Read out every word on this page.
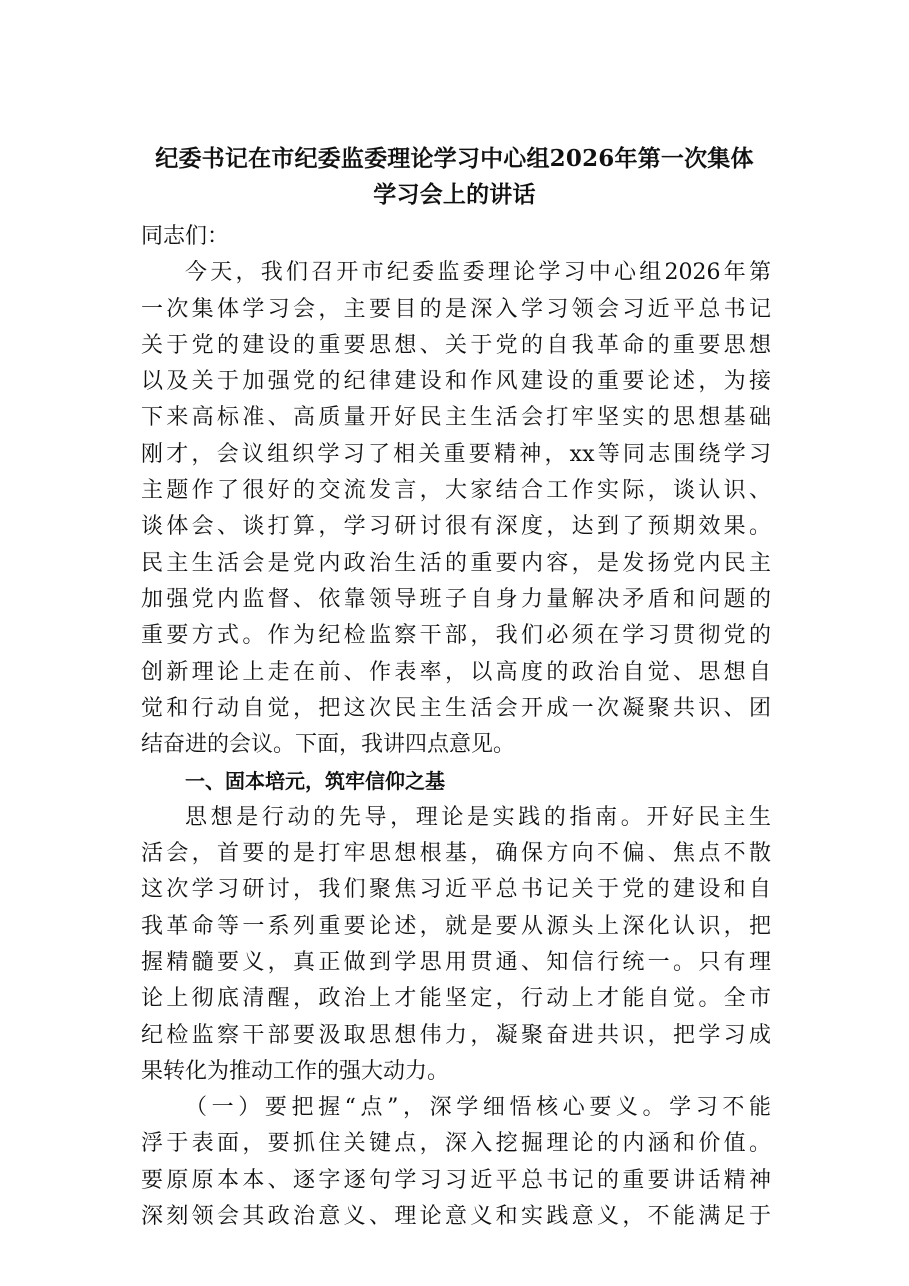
纪委书记在市纪委监委理论学习中心组2026年第一次集体
学习会上的讲话
同志们：
今天，我们召开市纪委监委理论学习中心组2026年第
一次集体学习会，主要目的是深入学习领会习近平总书记
关于党的建设的重要思想、关于党的自我革命的重要思想
以及关于加强党的纪律建设和作风建设的重要论述，为接
下来高标准、高质量开好民主生活会打牢坚实的思想基础
刚才，会议组织学习了相关重要精神，xx等同志围绕学习
主题作了很好的交流发言，大家结合工作实际，谈认识、
谈体会、谈打算，学习研讨很有深度，达到了预期效果。
民主生活会是党内政治生活的重要内容，是发扬党内民主
加强党内监督、依靠领导班子自身力量解决矛盾和问题的
重要方式。作为纪检监察干部，我们必须在学习贯彻党的
创新理论上走在前、作表率，以高度的政治自觉、思想自
觉和行动自觉，把这次民主生活会开成一次凝聚共识、团
结奋进的会议。下面，我讲四点意见。
一、固本培元，筑牢信仰之基
思想是行动的先导，理论是实践的指南。开好民主生
活会，首要的是打牢思想根基，确保方向不偏、焦点不散
这次学习研讨，我们聚焦习近平总书记关于党的建设和自
我革命等一系列重要论述，就是要从源头上深化认识，把
握精髓要义，真正做到学思用贯通、知信行统一。只有理
论上彻底清醒，政治上才能坚定，行动上才能自觉。全市
纪检监察干部要汲取思想伟力，凝聚奋进共识，把学习成
果转化为推动工作的强大动力。
（一）要把握“点”，深学细悟核心要义。学习不能
浮于表面，要抓住关键点，深入挖掘理论的内涵和价值。
要原原本本、逐字逐句学习习近平总书记的重要讲话精神
深刻领会其政治意义、理论意义和实践意义，不能满足于
